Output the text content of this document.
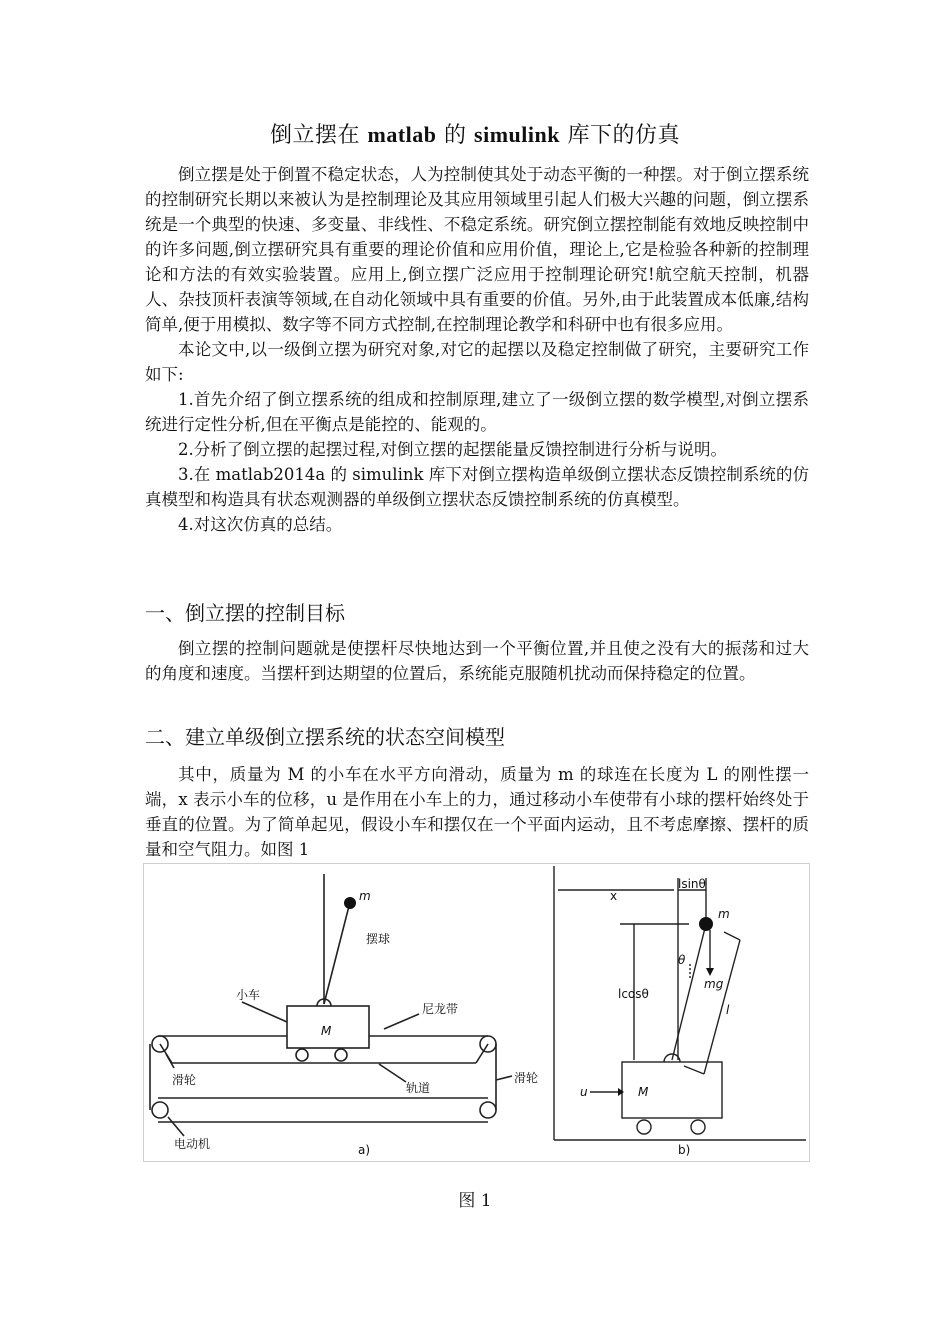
倒立摆在 matlab 的 simulink 库下的仿真

倒立摆是处于倒置不稳定状态，人为控制使其处于动态平衡的一种摆。对于倒立摆系统的控制研究长期以来被认为是控制理论及其应用领域里引起人们极大兴趣的问题，倒立摆系统是一个典型的快速、多变量、非线性、不稳定系统。研究倒立摆控制能有效地反映控制中的许多问题,倒立摆研究具有重要的理论价值和应用价值，理论上,它是检验各种新的控制理论和方法的有效实验装置。应用上,倒立摆广泛应用于控制理论研究!航空航天控制，机器人、杂技顶杆表演等领域,在自动化领域中具有重要的价值。另外,由于此装置成本低廉,结构简单,便于用模拟、数字等不同方式控制,在控制理论教学和科研中也有很多应用。

本论文中,以一级倒立摆为研究对象,对它的起摆以及稳定控制做了研究，主要研究工作如下:

1.首先介绍了倒立摆系统的组成和控制原理,建立了一级倒立摆的数学模型,对倒立摆系统进行定性分析,但在平衡点是能控的、能观的。

2.分析了倒立摆的起摆过程,对倒立摆的起摆能量反馈控制进行分析与说明。

3.在 matlab2014a 的 simulink 库下对倒立摆构造单级倒立摆状态反馈控制系统的仿真模型和构造具有状态观测器的单级倒立摆状态反馈控制系统的仿真模型。

4.对这次仿真的总结。

一、倒立摆的控制目标

倒立摆的控制问题就是使摆杆尽快地达到一个平衡位置,并且使之没有大的振荡和过大的角度和速度。当摆杆到达期望的位置后，系统能克服随机扰动而保持稳定的位置。

二、建立单级倒立摆系统的状态空间模型

其中，质量为 M 的小车在水平方向滑动，质量为 m 的球连在长度为 L 的刚性摆一端，x 表示小车的位移，u 是作用在小车上的力，通过移动小车使带有小球的摆杆始终处于垂直的位置。为了简单起见，假设小车和摆仅在一个平面内运动，且不考虑摩擦、摆杆的质量和空气阻力。如图 1

m
摆球
小车
M
尼龙带
滑轮	滑轮
轨道
电动机	a)
x
lsinθ
m
θ
lcosθ
mg
l
u	M
b)
图 1
